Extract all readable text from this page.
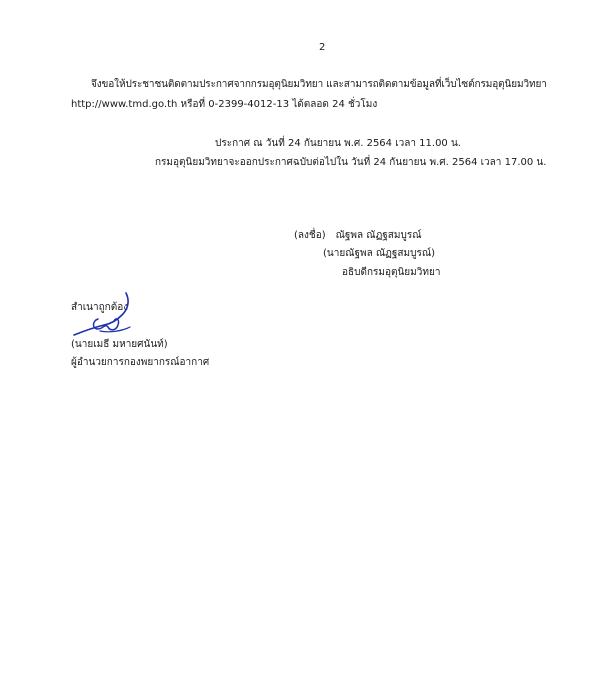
2
จึงขอให้ประชาชนติดตามประกาศจากกรมอุตุนิยมวิทยา และสามารถติดตามข้อมูลที่เว็บไซต์กรมอุตุนิยมวิทยา
http://www.tmd.go.th หรือที่ 0-2399-4012-13 ได้ตลอด 24 ชั่วโมง
ประกาศ ณ วันที่ 24 กันยายน พ.ศ. 2564 เวลา 11.00 น.
กรมอุตุนิยมวิทยาจะออกประกาศฉบับต่อไปใน วันที่ 24 กันยายน พ.ศ. 2564 เวลา 17.00 น.
(ลงชื่อ) ณัฐพล ณัฏฐสมบูรณ์
(นายณัฐพล ณัฏฐสมบูรณ์)
อธิบดีกรมอุตุนิยมวิทยา
สำเนาถูกต้อง
(นายเมธี มหายศนันท์)
ผู้อำนวยการกองพยากรณ์อากาศ
